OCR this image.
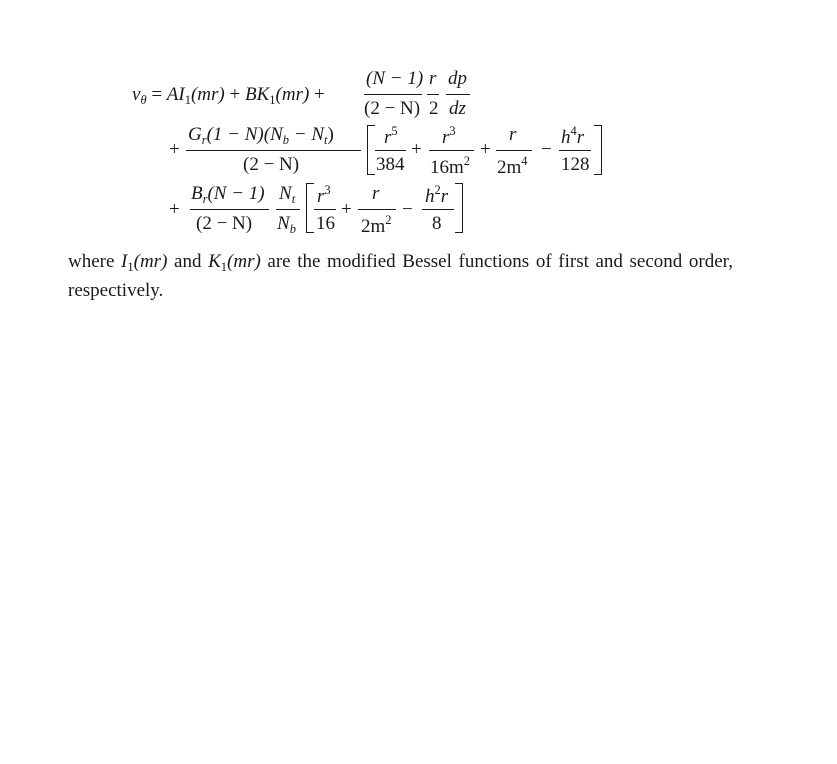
$v_\theta = AI_1(mr) + BK_1(mr)$ +
(N − 1)
(2 − N)
r
2
dp
dz
+
$G_r(1 - N)(N_b - N_t)$
(2 − N)
$r^5$
384
+
$r^3$
$16m^2$
+
r
$2m^4$
−
$h^4r$
128
+
$B_r(N - 1)$
(2 − N)
$N_t$
$N_b$
$r^3$
16
+
r
$2m^2$ −
$h^2r$
8
where $I_1(mr)$ and $K_1(mr)$ are the modified Bessel functions of first and second order, respectively.
